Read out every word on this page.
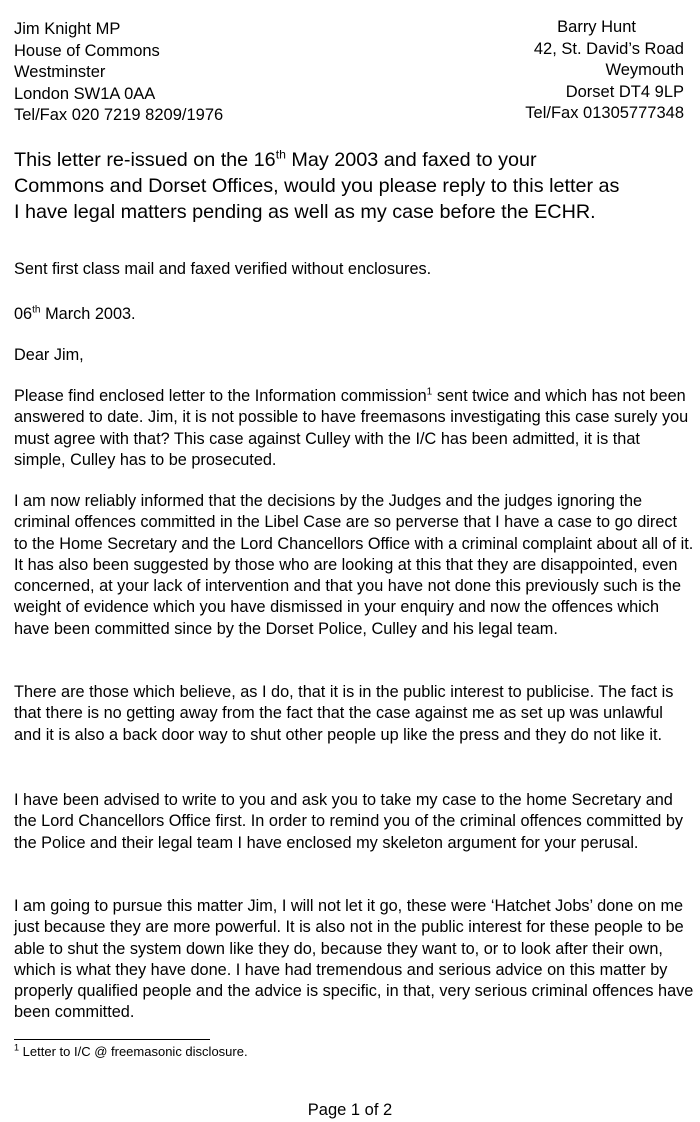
Jim Knight MP
House of Commons
Westminster
London SW1A 0AA
Tel/Fax 020 7219 8209/1976
Barry Hunt
42, St. David’s Road
Weymouth
Dorset DT4 9LP
Tel/Fax 01305777348
This letter re-issued on the 16th May 2003 and faxed to your
Commons and Dorset Offices, would you please reply to this letter as
I have legal matters pending as well as my case before the ECHR.
Sent first class mail and faxed verified without enclosures.
06th March 2003.
Dear Jim,
Please find enclosed letter to the Information commission$^1$ sent twice and which has not been answered to date. Jim, it is not possible to have freemasons investigating this case surely you must agree with that? This case against Culley with the I/C has been admitted, it is that simple, Culley has to be prosecuted.
I am now reliably informed that the decisions by the Judges and the judges ignoring the criminal offences committed in the Libel Case are so perverse that I have a case to go direct to the Home Secretary and the Lord Chancellors Office with a criminal complaint about all of it. It has also been suggested by those who are looking at this that they are disappointed, even concerned, at your lack of intervention and that you have not done this previously such is the weight of evidence which you have dismissed in your enquiry and now the offences which have been committed since by the Dorset Police, Culley and his legal team.
There are those which believe, as I do, that it is in the public interest to publicise. The fact is that there is no getting away from the fact that the case against me as set up was unlawful and it is also a back door way to shut other people up like the press and they do not like it.
I have been advised to write to you and ask you to take my case to the home Secretary and the Lord Chancellors Office first. In order to remind you of the criminal offences committed by the Police and their legal team I have enclosed my skeleton argument for your perusal.
I am going to pursue this matter Jim, I will not let it go, these were ‘Hatchet Jobs’ done on me just because they are more powerful. It is also not in the public interest for these people to be able to shut the system down like they do, because they want to, or to look after their own, which is what they have done. I have had tremendous and serious advice on this matter by properly qualified people and the advice is specific, in that, very serious criminal offences have been committed.
$^1$ Letter to I/C @ freemasonic disclosure.
Page 1 of 2
